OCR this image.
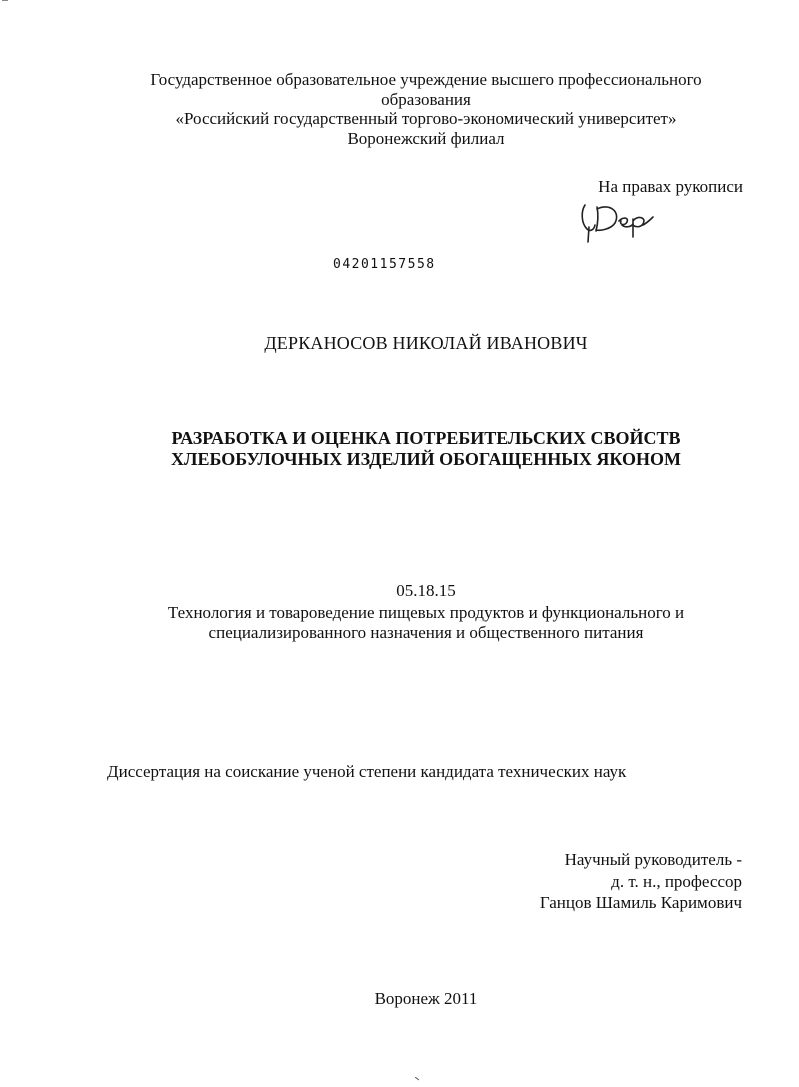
Государственное образовательное учреждение высшего профессионального
образования
«Российский государственный торгово-экономический университет»
Воронежский филиал
На правах рукописи
04201157558
ДЕРКАНОСОВ НИКОЛАЙ ИВАНОВИЧ
РАЗРАБОТКА И ОЦЕНКА ПОТРЕБИТЕЛЬСКИХ СВОЙСТВ
ХЛЕБОБУЛОЧНЫХ ИЗДЕЛИЙ ОБОГАЩЕННЫХ ЯКОНОМ
05.18.15
Технология и товароведение пищевых продуктов и функционального и
специализированного назначения и общественного питания
Диссертация на соискание ученой степени кандидата технических наук
Научный руководитель -
д. т. н., профессор
Ганцов Шамиль Каримович
Воронеж 2011
